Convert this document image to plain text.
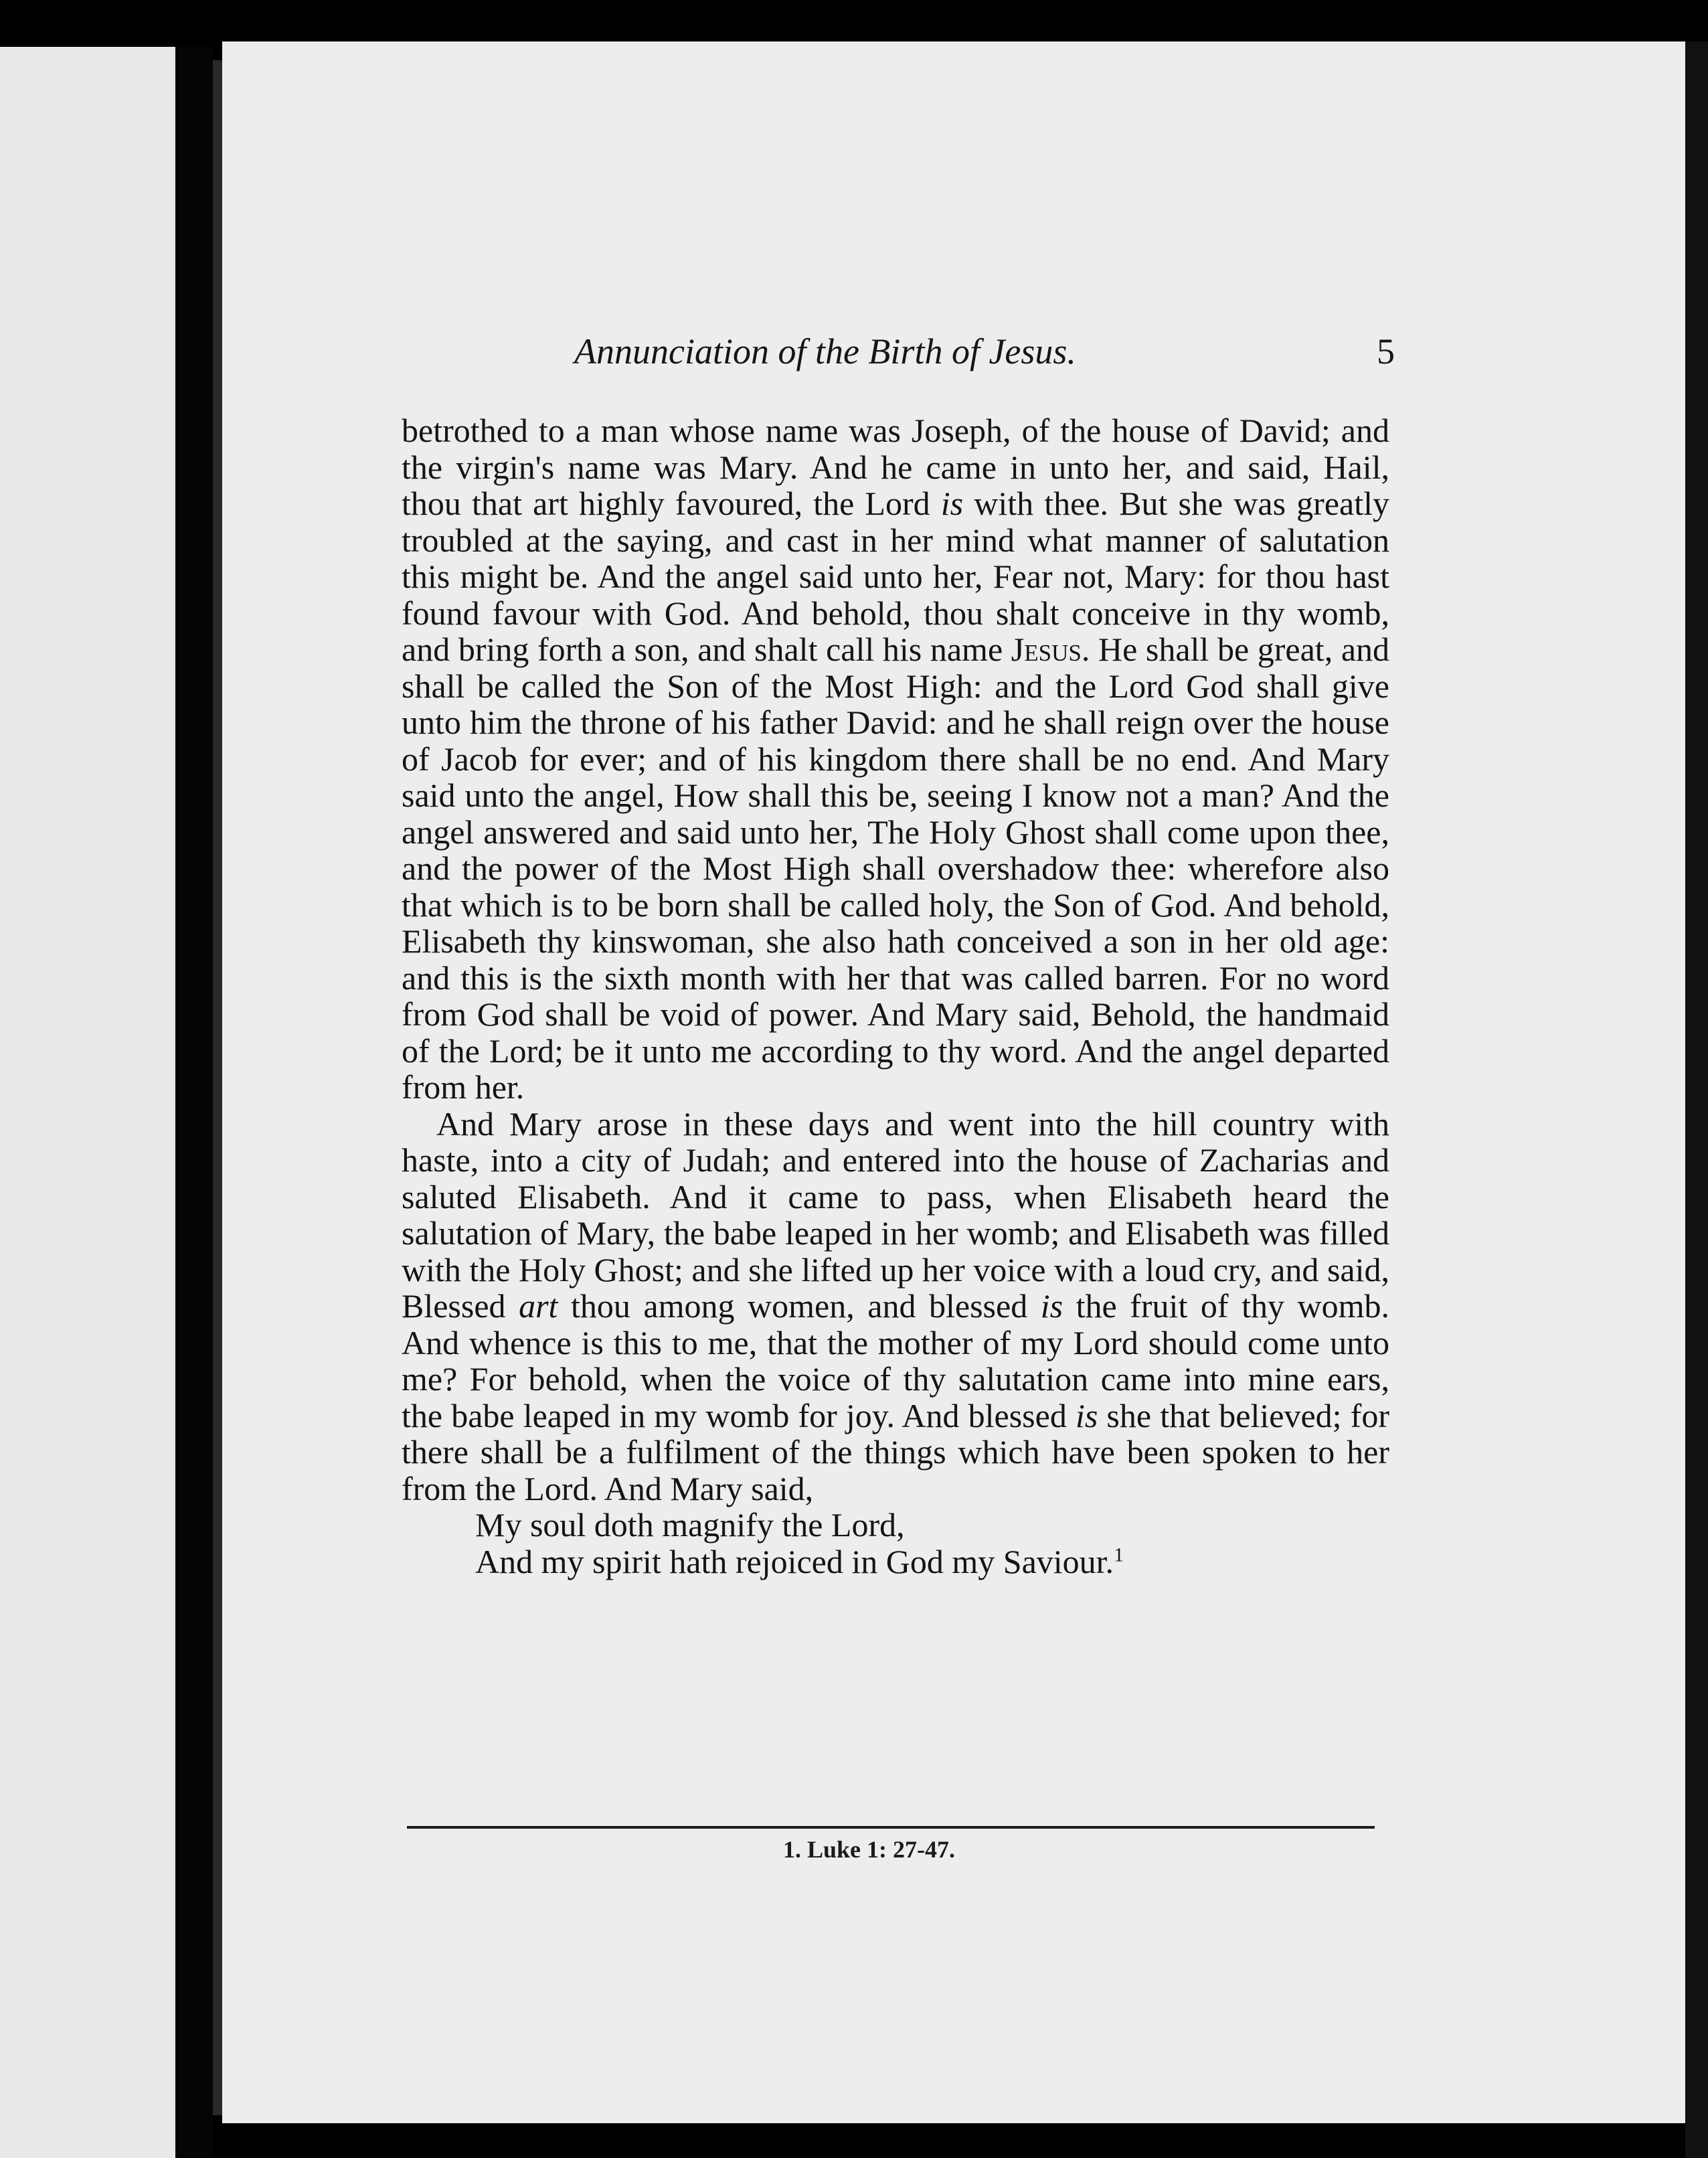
Annunciation of the Birth of Jesus.	5

betrothed to a man whose name was Joseph, of the house of David; and the virgin's name was Mary. And he came in unto her, and said, Hail, thou that art highly favoured, the Lord is with thee. But she was greatly troubled at the saying, and cast in her mind what manner of salutation this might be. And the angel said unto her, Fear not, Mary: for thou hast found favour with God. And behold, thou shalt conceive in thy womb, and bring forth a son, and shalt call his name Jesus. He shall be great, and shall be called the Son of the Most High: and the Lord God shall give unto him the throne of his father David: and he shall reign over the house of Jacob for ever; and of his kingdom there shall be no end. And Mary said unto the angel, How shall this be, seeing I know not a man? And the angel answered and said unto her, The Holy Ghost shall come upon thee, and the power of the Most High shall overshadow thee: wherefore also that which is to be born shall be called holy, the Son of God. And behold, Elisabeth thy kinswoman, she also hath conceived a son in her old age: and this is the sixth month with her that was called barren. For no word from God shall be void of power. And Mary said, Behold, the handmaid of the Lord; be it unto me according to thy word. And the angel departed from her.

And Mary arose in these days and went into the hill country with haste, into a city of Judah; and entered into the house of Zacharias and saluted Elisabeth. And it came to pass, when Elisabeth heard the salutation of Mary, the babe leaped in her womb; and Elisabeth was filled with the Holy Ghost; and she lifted up her voice with a loud cry, and said, Blessed art thou among women, and blessed is the fruit of thy womb. And whence is this to me, that the mother of my Lord should come unto me? For behold, when the voice of thy salutation came into mine ears, the babe leaped in my womb for joy. And blessed is she that believed; for there shall be a fulfilment of the things which have been spoken to her from the Lord. And Mary said,

My soul doth magnify the Lord,

And my spirit hath rejoiced in God my Saviour.$^1$

1. Luke 1: 27-47.
